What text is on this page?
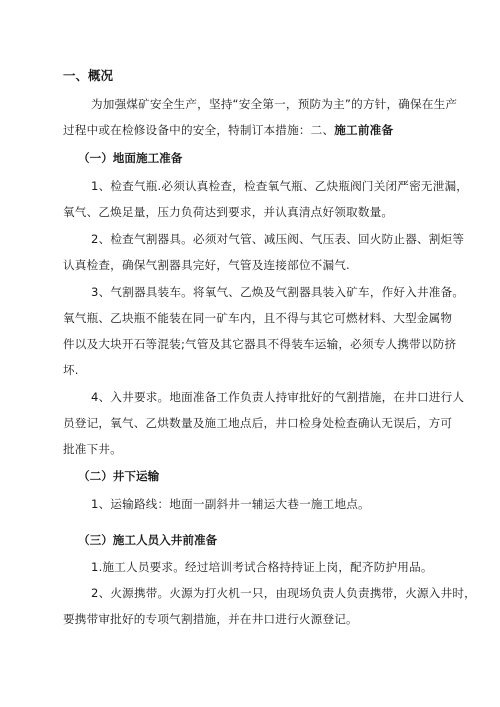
一、概况
为加强煤矿安全生产，坚持“安全第一，预防为主”的方针，确保在生产
过程中或在检修设备中的安全，特制订本措施：二、施工前准备
（一）地面施工准备
1、检查气瓶.必须认真检查，检查氧气瓶、乙炔瓶阀门关闭严密无泄漏，
氧气、乙焕足量，压力负荷达到要求，并认真清点好领取数量。
2、检查气割器具。必须对气管、减压阀、气压表、回火防止器、割炬等
认真检查，确保气割器具完好，气管及连接部位不漏气.
3、气割器具装车。将氧气、乙焕及气割器具装入矿车，作好入井准备。
氧气瓶、乙块瓶不能装在同一矿车内，且不得与其它可燃材料、大型金属物
件以及大块开石等混装;气管及其它器具不得装车运输，必须专人携带以防挤
坏.
4、入井要求。地面准备工作负责人持审批好的气割措施，在井口进行人
员登记，氧气、乙烘数量及施工地点后，井口检身处检查确认无误后，方可
批准下井。
（二）井下运输
1、运输路线：地面一副斜井一辅运大巷一施工地点。
（三）施工人员入井前准备
1.施工人员要求。经过培训考试合格持持证上岗，配齐防护用品。
2、火源携带。火源为打火机一只，由现场负责人负责携带，火源入井时，
要携带审批好的专项气割措施，并在井口进行火源登记。
